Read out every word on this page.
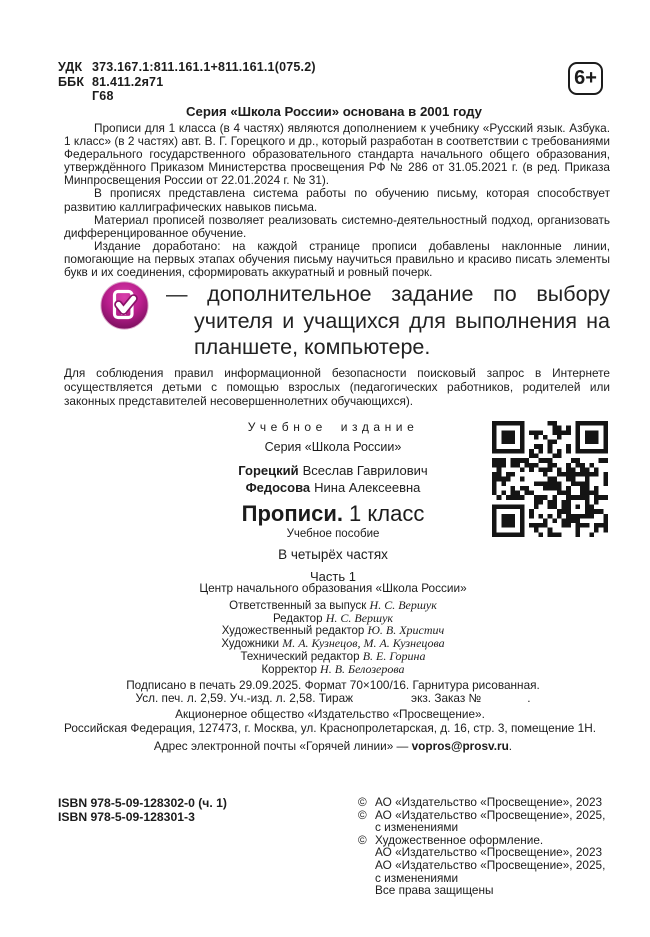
УДК 373.167.1:811.161.1+811.161.1(075.2)
ББК 81.411.2я71
Г68
6+
Серия «Школа России» основана в 2001 году

Прописи для 1 класса (в 4 частях) являются дополнением к учебнику «Русский язык. Азбука. 1 класс» (в 2 частях) авт. В. Г. Горецкого и др., который разработан в соответствии с требованиями Федерального государственного образовательного стандарта начального общего образования, утверждённого Приказом Министерства просвещения РФ № 286 от 31.05.2021 г. (в ред. Приказа Минпросвещения России от 22.01.2024 г. № 31).

В прописях представлена система работы по обучению письму, которая способствует развитию каллиграфических навыков письма.

Материал прописей позволяет реализовать системно-деятельностный подход, организовать дифференцированное обучение.

Издание доработано: на каждой странице прописи добавлены наклонные линии, помогающие на первых этапах обучения письму научиться правильно и красиво писать элементы букв и их соединения, сформировать аккуратный и ровный почерк.

— дополнительное задание по выбору учителя и учащихся для выполнения на планшете, компьютере.

Для соблюдения правил информационной безопасности поисковый запрос в Интернете осуществляется детьми с помощью взрослых (педагогических работников, родителей или законных представителей несовершеннолетних обучающихся).

Учебное издание
Серия «Школа России»
Горецкий Всеслав Гаврилович
Федосова Нина Алексеевна
Прописи. 1 класс
Учебное пособие
В четырёх частях
Часть 1
Центр начального образования «Школа России»
Ответственный за выпуск Н. С. Вершук
Редактор Н. С. Вершук
Художественный редактор Ю. В. Христич
Художники М. А. Кузнецов, М. А. Кузнецова
Технический редактор В. Е. Горина
Корректор Н. В. Белозерова
Подписано в печать 29.09.2025. Формат 70×100/16. Гарнитура рисованная.
Усл. печ. л. 2,59. Уч.-изд. л. 2,58. Тираж	экз. Заказ №	.
Акционерное общество «Издательство «Просвещение».
Российская Федерация, 127473, г. Москва, ул. Краснопролетарская, д. 16, стр. 3, помещение 1Н.
Адрес электронной почты «Горячей линии» — vopros@prosv.ru.
ISBN 978-5-09-128302-0 (ч. 1)
ISBN 978-5-09-128301-3
© АО «Издательство «Просвещение», 2023
© АО «Издательство «Просвещение», 2025,
с изменениями
© Художественное оформление.
АО «Издательство «Просвещение», 2023
АО «Издательство «Просвещение», 2025,
с изменениями
Все права защищены
